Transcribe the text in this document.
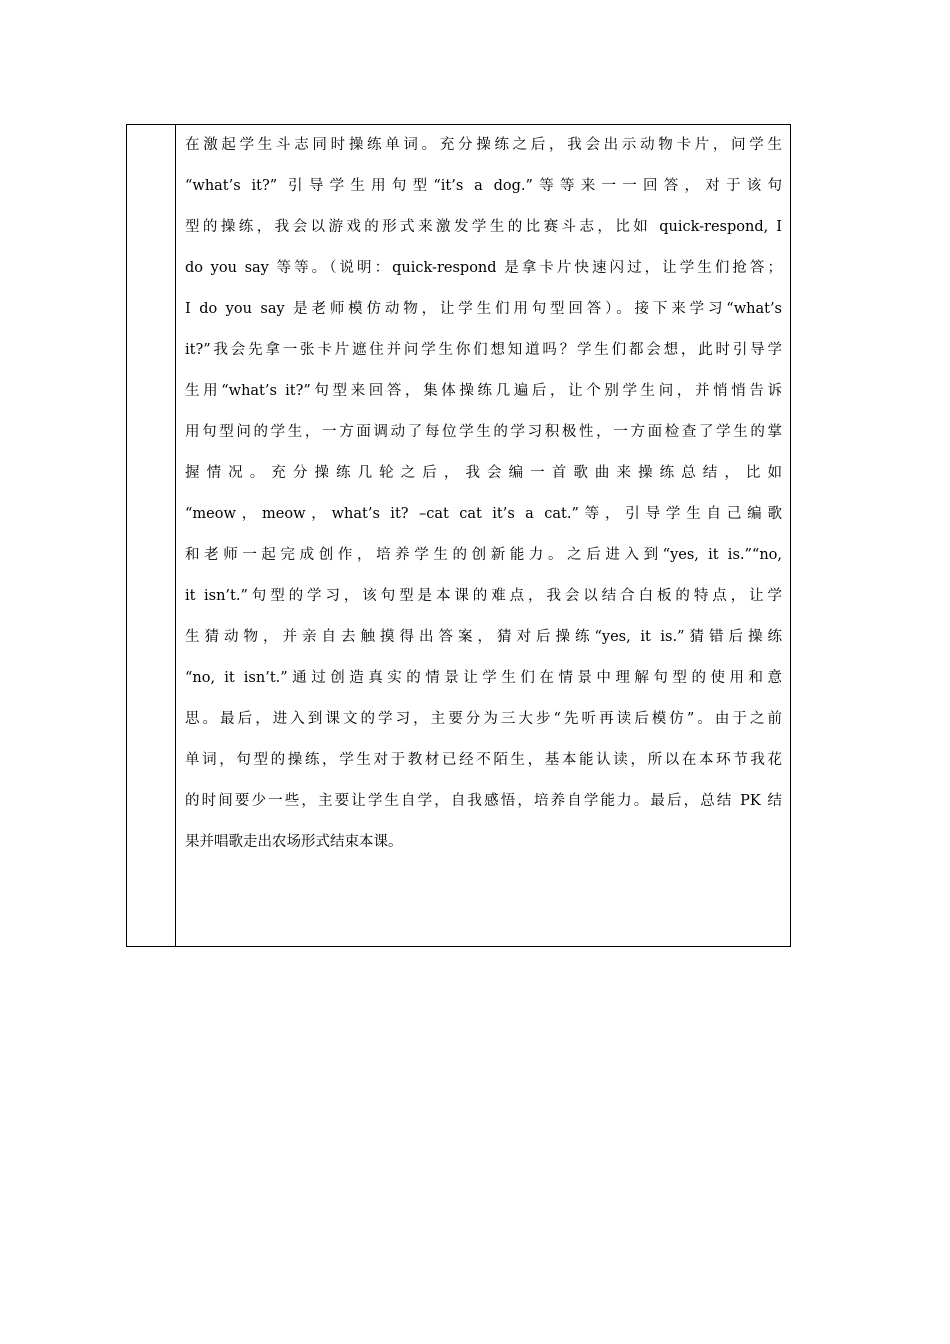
在激起学生斗志同时操练单词。充分操练之后，我会出示动物卡片，问学生
“what’s it?” 引导学生用句型“it’s a dog.”等等来一一回答，对于该句
型的操练，我会以游戏的形式来激发学生的比赛斗志，比如 quick-respond, I
do you say 等等。（说明：quick-respond 是拿卡片快速闪过，让学生们抢答；
I do you say 是老师模仿动物，让学生们用句型回答）。接下来学习“what’s
it?”我会先拿一张卡片遮住并问学生你们想知道吗？学生们都会想，此时引导学
生用“what’s it?”句型来回答，集体操练几遍后，让个别学生问，并悄悄告诉
用句型问的学生，一方面调动了每位学生的学习积极性，一方面检查了学生的掌
握 情 况 。 充 分 操 练 几 轮 之 后 ， 我 会 编 一 首 歌 曲 来 操 练 总 结 ， 比 如
“meow，meow，what’s it? –cat cat it’s a cat.”等，引导学生自己编歌
和老师一起完成创作，培养学生的创新能力。之后进入到“yes, it is.”“no,
it isn’t.”句型的学习，该句型是本课的难点，我会以结合白板的特点，让学
生猜动物，并亲自去触摸得出答案，猜对后操练“yes, it is.”猜错后操练
“no, it isn’t.”通过创造真实的情景让学生们在情景中理解句型的使用和意
思。最后，进入到课文的学习，主要分为三大步“先听再读后模仿”。由于之前
单词，句型的操练，学生对于教材已经不陌生，基本能认读，所以在本环节我花
的时间要少一些，主要让学生自学，自我感悟，培养自学能力。最后，总结 PK 结
果并唱歌走出农场形式结束本课。
